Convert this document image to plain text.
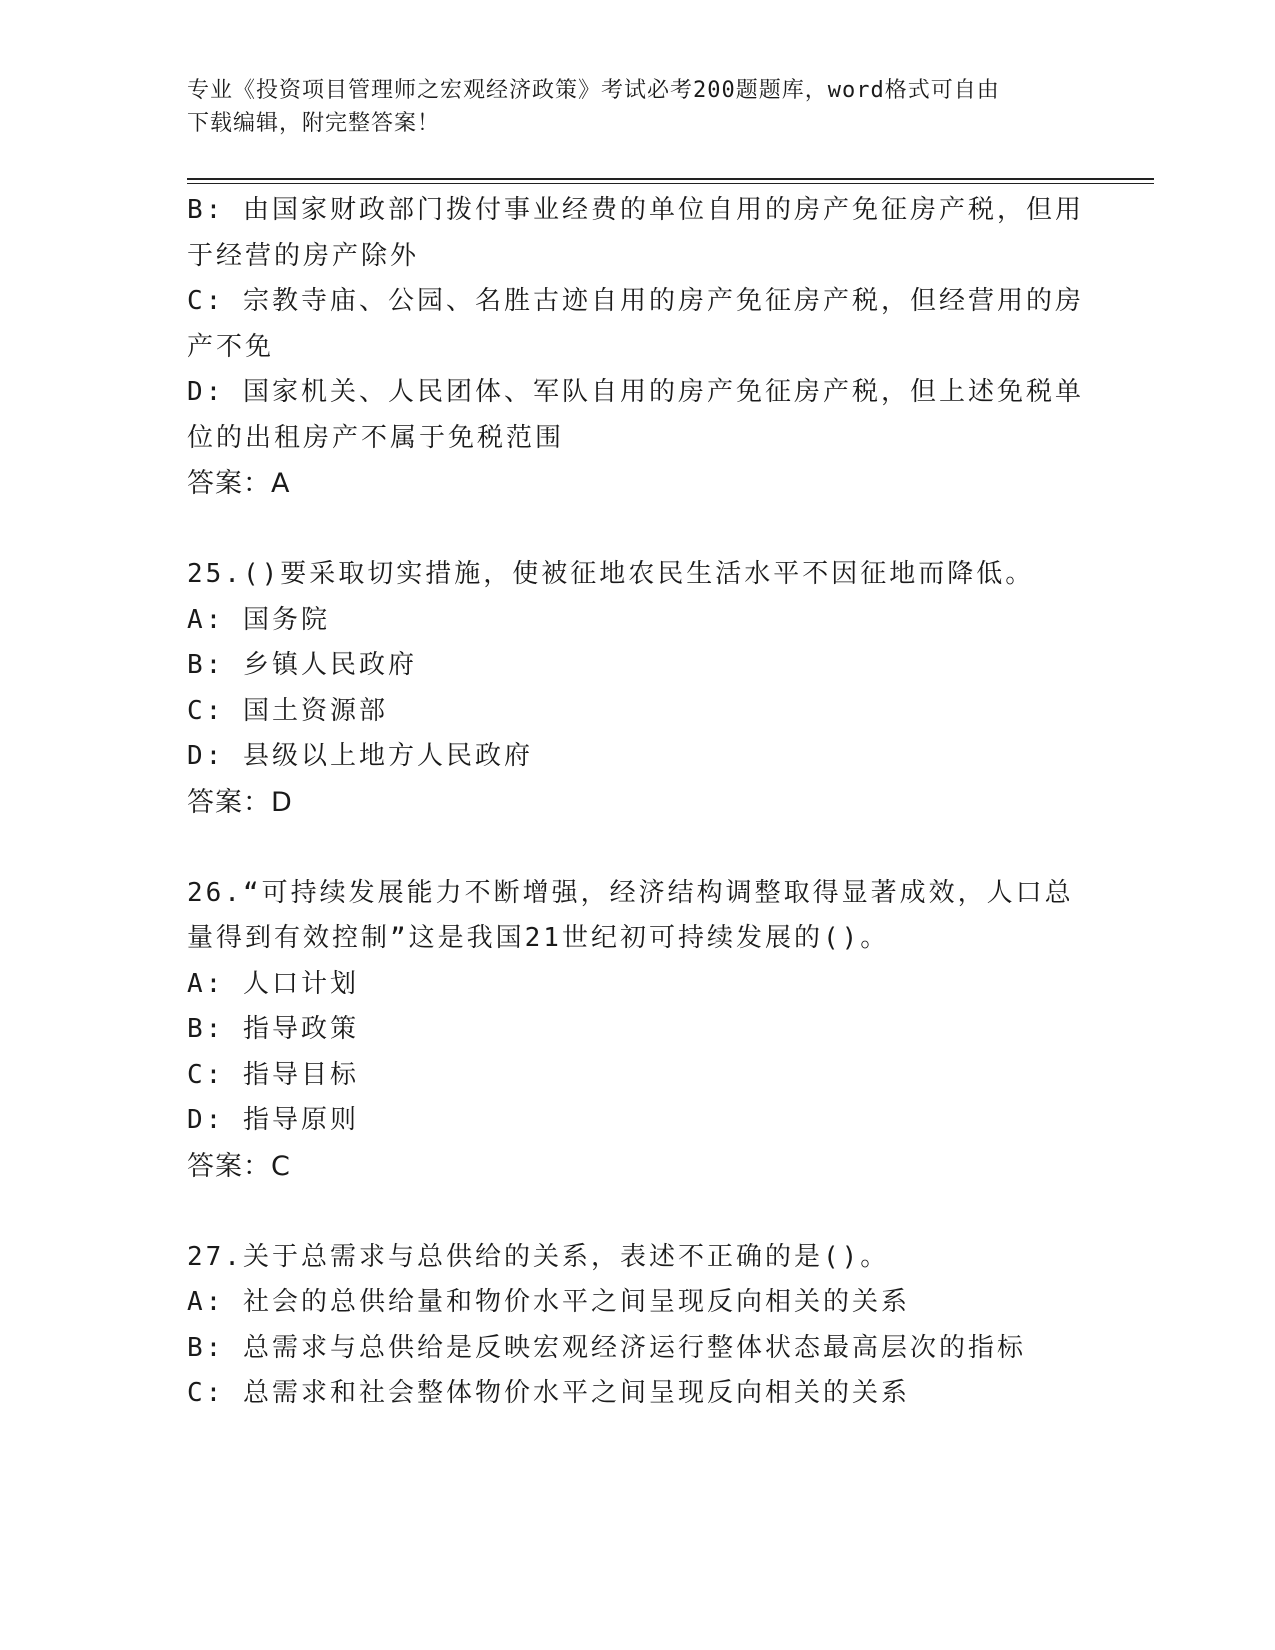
专业《投资项目管理师之宏观经济政策》考试必考200题题库，word格式可自由
下载编辑，附完整答案！

B: 由国家财政部门拨付事业经费的单位自用的房产免征房产税，但用

于经营的房产除外

C: 宗教寺庙、公园、名胜古迹自用的房产免征房产税，但经营用的房

产不免

D: 国家机关、人民团体、军队自用的房产免征房产税，但上述免税单

位的出租房产不属于免税范围

答案：A

25.()要采取切实措施，使被征地农民生活水平不因征地而降低。

A: 国务院

B: 乡镇人民政府

C: 国土资源部

D: 县级以上地方人民政府

答案：D

26.“可持续发展能力不断增强，经济结构调整取得显著成效，人口总

量得到有效控制”这是我国21世纪初可持续发展的()。

A: 人口计划

B: 指导政策

C: 指导目标

D: 指导原则

答案：C

27.关于总需求与总供给的关系，表述不正确的是()。

A: 社会的总供给量和物价水平之间呈现反向相关的关系

B: 总需求与总供给是反映宏观经济运行整体状态最高层次的指标

C: 总需求和社会整体物价水平之间呈现反向相关的关系
